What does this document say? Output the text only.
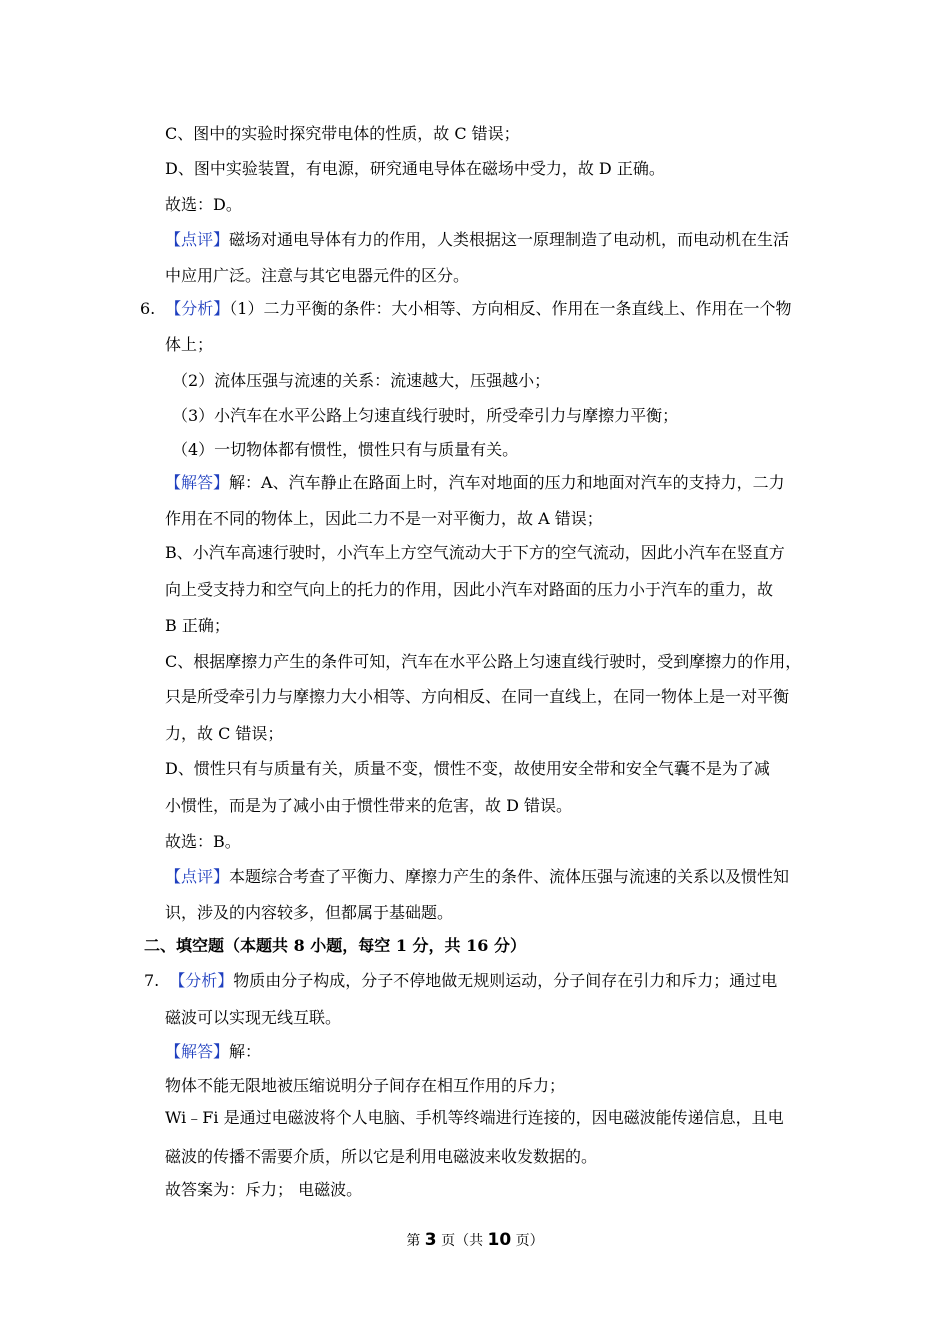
C、图中的实验时探究带电体的性质，故 C 错误；
D、图中实验装置，有电源，研究通电导体在磁场中受力，故 D 正确。
故选：D。
【点评】磁场对通电导体有力的作用，人类根据这一原理制造了电动机，而电动机在生活
中应用广泛。注意与其它电器元件的区分。
6. 【分析】（1）二力平衡的条件：大小相等、方向相反、作用在一条直线上、作用在一个物
体上；
（2）流体压强与流速的关系：流速越大，压强越小；
（3）小汽车在水平公路上匀速直线行驶时，所受牵引力与摩擦力平衡；
（4）一切物体都有惯性，惯性只有与质量有关。
【解答】解：A、汽车静止在路面上时，汽车对地面的压力和地面对汽车的支持力，二力
作用在不同的物体上，因此二力不是一对平衡力，故 A 错误；
B、小汽车高速行驶时，小汽车上方空气流动大于下方的空气流动，因此小汽车在竖直方
向上受支持力和空气向上的托力的作用，因此小汽车对路面的压力小于汽车的重力，故
B 正确；
C、根据摩擦力产生的条件可知，汽车在水平公路上匀速直线行驶时，受到摩擦力的作用，
只是所受牵引力与摩擦力大小相等、方向相反、在同一直线上，在同一物体上是一对平衡
力，故 C 错误；
D、惯性只有与质量有关，质量不变，惯性不变，故使用安全带和安全气囊不是为了减
小惯性，而是为了减小由于惯性带来的危害，故 D 错误。
故选：B。
【点评】本题综合考查了平衡力、摩擦力产生的条件、流体压强与流速的关系以及惯性知
识，涉及的内容较多，但都属于基础题。
二、填空题（本题共 8 小题，每空 1 分，共 16 分）
7. 【分析】物质由分子构成，分子不停地做无规则运动，分子间存在引力和斥力；通过电
磁波可以实现无线互联。
【解答】解：
物体不能无限地被压缩说明分子间存在相互作用的斥力；
Wi﹣Fi 是通过电磁波将个人电脑、手机等终端进行连接的，因电磁波能传递信息，且电
磁波的传播不需要介质，所以它是利用电磁波来收发数据的。
故答案为：斥力； 电磁波。
第 3 页（共 10 页）
